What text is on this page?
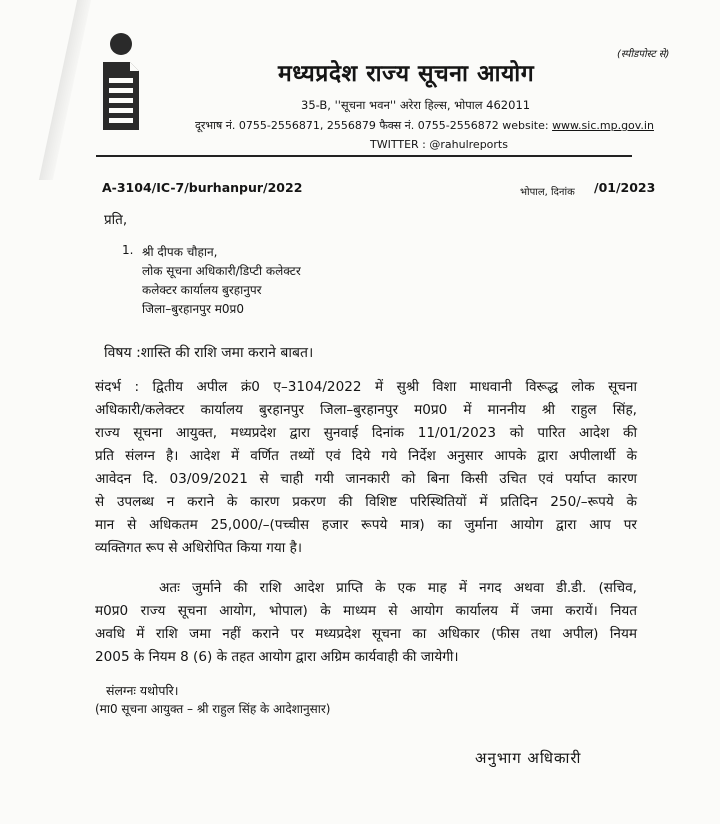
(स्पीडपोस्ट से)
मध्यप्रदेश राज्य सूचना आयोग
35-B, ''सूचना भवन'' अरेरा हिल्स, भोपाल 462011
दूरभाष नं. 0755-2556871, 2556879 फैक्स नं. 0755-2556872 website: www.sic.mp.gov.in
TWITTER : @rahulreports
A-3104/IC-7/burhanpur/2022	भोपाल, दिनांक /01/2023
प्रति,
1. श्री दीपक चौहान,
लोक सूचना अधिकारी/डिप्टी कलेक्टर
कलेक्टर कार्यालय बुरहानुपर
जिला–बुरहानपुर म0प्र0
विषय :शास्ति की राशि जमा कराने बाबत।
संदर्भ : द्वितीय अपील क्रं0 ए–3104/2022 में सुश्री विशा माधवानी विरूद्ध लोक सूचना
अधिकारी/कलेक्टर कार्यालय बुरहानपुर जिला–बुरहानपुर म0प्र0 में माननीय श्री राहुल सिंह,
राज्य सूचना आयुक्त, मध्यप्रदेश द्वारा सुनवाई दिनांक 11/01/2023 को पारित आदेश की
प्रति संलग्न है। आदेश में वर्णित तथ्यों एवं दिये गये निर्देश अनुसार आपके द्वारा अपीलार्थी के
आवेदन दि. 03/09/2021 से चाही गयी जानकारी को बिना किसी उचित एवं पर्याप्त कारण
से उपलब्ध न कराने के कारण प्रकरण की विशिष्ट परिस्थितियों में प्रतिदिन 250/–रूपये के
मान से अधिकतम 25,000/–(पच्चीस हजार रूपये मात्र) का जुर्माना आयोग द्वारा आप पर
व्यक्तिगत रूप से अधिरोपित किया गया है।
अतः जुर्माने की राशि आदेश प्राप्ति के एक माह में नगद अथवा डी.डी. (सचिव,
म0प्र0 राज्य सूचना आयोग, भोपाल) के माध्यम से आयोग कार्यालय में जमा करायें। नियत
अवधि में राशि जमा नहीं कराने पर मध्यप्रदेश सूचना का अधिकार (फीस तथा अपील) नियम
2005 के नियम 8 (6) के तहत आयोग द्वारा अग्रिम कार्यवाही की जायेगी।
संलग्नः यथोपरि।
(मा0 सूचना आयुक्त – श्री राहुल सिंह के आदेशानुसार)
अनुभाग अधिकारी
